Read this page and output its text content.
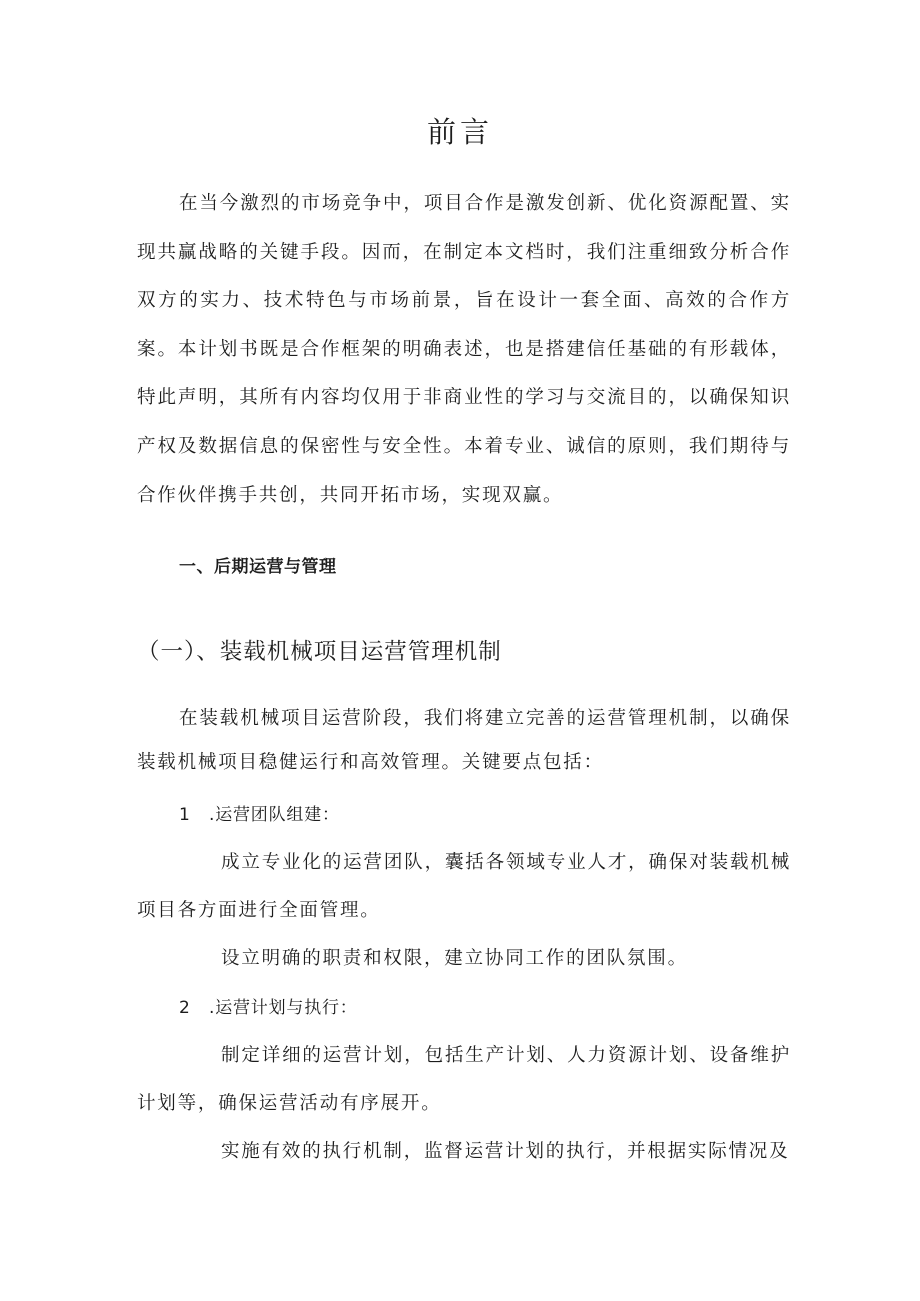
前言

在当今激烈的市场竞争中，项目合作是激发创新、优化资源配置、实现共赢战略的关键手段。因而，在制定本文档时，我们注重细致分析合作双方的实力、技术特色与市场前景，旨在设计一套全面、高效的合作方案。本计划书既是合作框架的明确表述，也是搭建信任基础的有形载体，特此声明，其所有内容均仅用于非商业性的学习与交流目的，以确保知识产权及数据信息的保密性与安全性。本着专业、诚信的原则，我们期待与合作伙伴携手共创，共同开拓市场，实现双赢。

一、后期运营与管理
（一）、装载机械项目运营管理机制

在装载机械项目运营阶段，我们将建立完善的运营管理机制，以确保装载机械项目稳健运行和高效管理。关键要点包括：

1 .运营团队组建：

成立专业化的运营团队，囊括各领域专业人才，确保对装载机械项目各方面进行全面管理。

设立明确的职责和权限，建立协同工作的团队氛围。

2 .运营计划与执行：

制定详细的运营计划，包括生产计划、人力资源计划、设备维护计划等，确保运营活动有序展开。

实施有效的执行机制，监督运营计划的执行，并根据实际情况及
